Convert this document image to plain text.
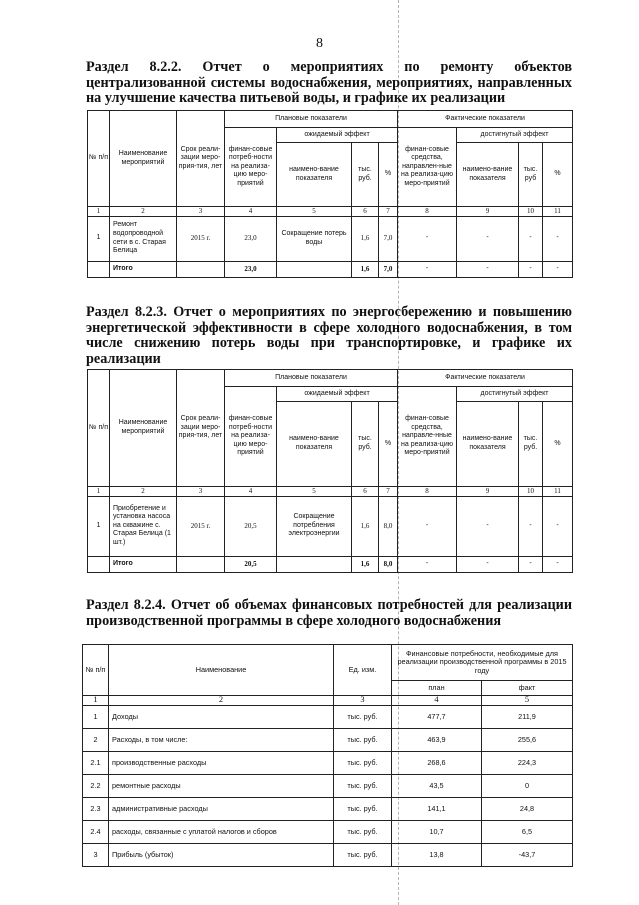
8
Раздел 8.2.2. Отчет о мероприятиях по ремонту объектов централизованной системы водоснабжения, мероприятиях, направленных на улучшение качества питьевой воды, и графике их реализации
№ п/п	Наименование мероприятий	Срок реали-зации меро-прия-тия, лет	Плановые показатели				Фактические показатели			
			финан-совые потреб-ности на реализа-цию меро-приятий	ожидаемый эффект			финан-совые средства, направлен-ные на реализа-цию меро-приятий	достигнутый эффект		
				наимено-вание показателя	тыс. руб.	%		наимено-вание показателя	тыс. руб	%
1	2	3	4	5	6	7	8	9	10	11
1	Ремонт водопроводной сети в с. Старая Белица	2015 г.	23,0	Сокращение потерь воды	1,6	7,0	-	-	-	-
	Итого		23,0		1,6	7,0	-	-	-	-
Раздел 8.2.3. Отчет о мероприятиях по энергосбережению и повышению энергетической эффективности в сфере холодного водоснабжения, в том числе снижению потерь воды при транспортировке, и графике их реализации
№ п/п	Наименование мероприятий	Срок реали-зации меро-прия-тия, лет	Плановые показатели				Фактические показатели			
			финан-совые потреб-ности на реализа-цию меро-приятий	ожидаемый эффект			финан-совые средства, направле-нные на реализа-цию меро-приятий	достигнутый эффект		
				наимено-вание показателя	тыс. руб.	%		наимено-вание показателя	тыс. руб.	%
1	2	3	4	5	6	7	8	9	10	11
1	Приобретение и установка насоса на скважине с. Старая Белица (1 шт.)	2015 г.	20,5	Сокращение потребления электроэнергии	1,6	8,0	-	-	-	-
	Итого		20,5		1,6	8,0	-	-	-	-
Раздел 8.2.4. Отчет об объемах финансовых потребностей для реализации производственной программы в сфере холодного водоснабжения
№ п/п	Наименование	Ед. изм.	Финансовые потребности, необходимые для реализации производственной программы в 2015 году	
			план	факт
1	2	3	4	5
1	Доходы	тыс. руб.	477,7	211,9
2	Расходы, в том числе:	тыс. руб.	463,9	255,6
2.1	производственные расходы	тыс. руб.	268,6	224,3
2.2	ремонтные расходы	тыс. руб.	43,5	0
2.3	административные расходы	тыс. руб.	141,1	24,8
2.4	расходы, связанные с уплатой налогов и сборов	тыс. руб.	10,7	6,5
3	Прибыль (убыток)	тыс. руб.	13,8	-43,7
